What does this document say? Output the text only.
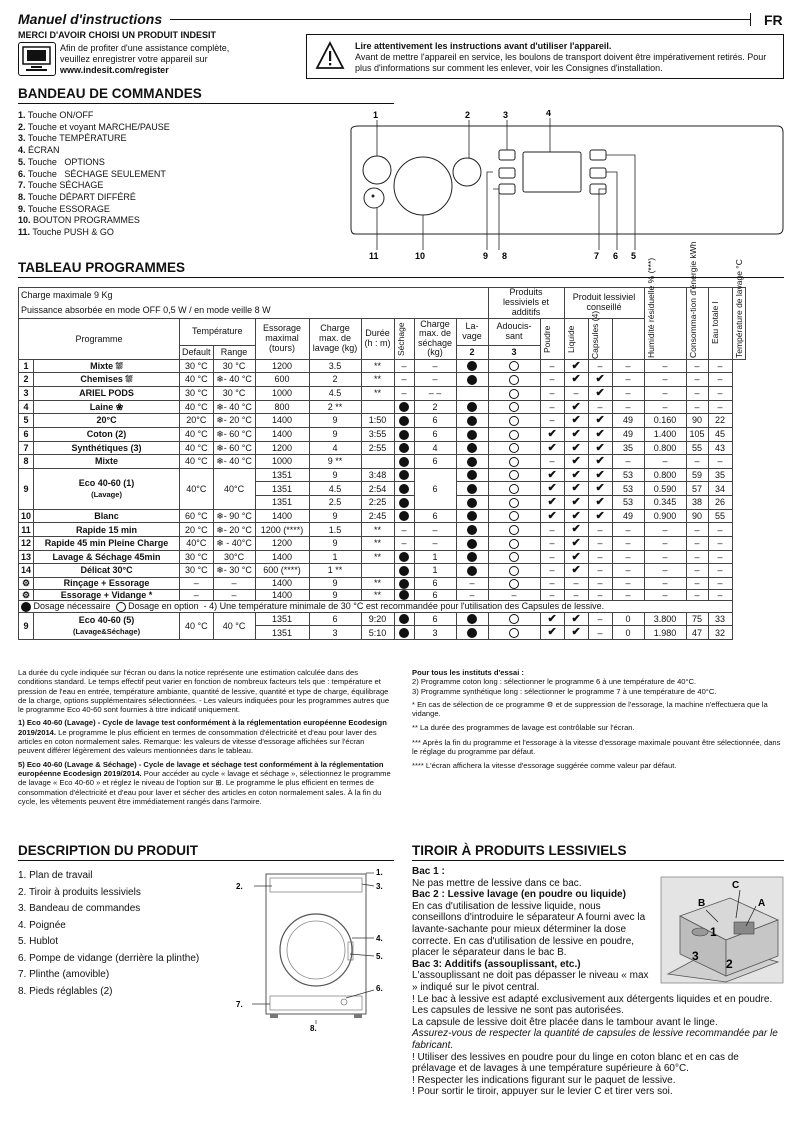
Manuel d'instructions	FR
MERCI D'AVOIR CHOISI UN PRODUIT INDESIT
Afin de profiter d'une assistance complète,
veuillez enregistrer votre appareil sur
www.indesit.com/register
Lire attentivement les instructions avant d'utiliser l'appareil.
Avant de mettre l'appareil en service, les boulons de transport doivent être impérativement retirés. Pour plus d'informations sur comment les enlever, voir les Consignes d'installation.
BANDEAU DE COMMANDES
1. Touche ON/OFF
2. Touche et voyant MARCHE/PAUSE
3. Touche TEMPÉRATURE
4. ÉCRAN
5. Touche   OPTIONS
6. Touche   SÉCHAGE SEULEMENT
7. Touche SÉCHAGE
8. Touche DÉPART DIFFÉRÉ
9. Touche ESSORAGE
10. BOUTON PROGRAMMES
11. Touche PUSH & GO
1	2	3	4
11	10	9 8	7 6 5
TABLEAU PROGRAMMES
Charge maximale 9 Kg										Produits lessiviels et additifs		Produit lessiviel conseillé			Humidité résiduelle % (***)	Consomma-tion d'énergie kWh	Eau totale l	Température de lavage °C

Puissance absorbée en mode OFF 0,5 W / en mode veille 8 W																		
Programme		Température		Essorage maximal (tours)	Charge max. de lavage (kg)	Durée (h : m)	Séchage	Charge max. de séchage (kg)	La-vage	Adoucis-sant	Poudre	Liquide	Capsules (4)					

		Default	Range						2	3								
1	Mixte ⛆	30 °C	30 °C	1200	3.5	**	–	–			–	✔	–	–	–	–	–	
2	Chemises ⛆	40 °C	❄- 40 °C	600	2	**	–	–			–	✔	✔	–	–	–	–	
3	ARIEL PODS	30 °C	30 °C	1000	4.5	**	–	– –			–	–	✔	–	–	–	–	
4	Laine ❀	40 °C	❄- 40 °C	800	2 **			2			–	✔	–	–	–	–	–	
5	20°C	20°C	❄- 20 °C	1400	9	1:50		6			–	✔	✔	49	0.160	90	22	
6	Coton (2)	40 °C	❄- 60 °C	1400	9	3:55		6			✔	✔	✔	49	1.400	105	45	
7	Synthétiques (3)	40 °C	❄- 60 °C	1200	4	2:55		4			✔	✔	✔	35	0.800	55	43	
8	Mixte	40 °C	❄- 40 °C	1000	9 **			6			–	✔	✔	–	–	–	–	
9	Eco 40-60 (1)
(Lavage)	40°C	40°C	1351	9	3:48		6			✔	✔	✔	53	0.800	59	35	
				1351	4.5	2:54					✔	✔	✔	53	0.590	57	34	
				1351	2.5	2:25					✔	✔	✔	53	0.345	38	26	
10	Blanc	60 °C	❄- 90 °C	1400	9	2:45		6			✔	✔	✔	49	0.900	90	55	
11	Rapide 15 min	20 °C	❄- 20 °C	1200 (****)	1.5	**	–	–			–	✔	–	–	–	–	–	
12	Rapide 45 min Pleine Charge	40°C	❄ - 40°C	1200	9	**	–	–			–	✔	–	–	–	–	–	
13	Lavage & Séchage 45min	30 °C	30°C	1400	1	**		1			–	✔	–	–	–	–	–	
14	Délicat 30°C	30 °C	❄- 30 °C	600 (****)	1 **			1			–	✔	–	–	–	–	–	
⚙	Rinçage + Essorage	–	–	1400	9	**		6	–		–	–	–	–	–	–	–	
⚙	Essorage + Vidange *	–	–	1400	9	**		6	–	–	–	–	–	–	–	–	–	
Dosage nécessaire Dosage en option - 4) Une température minimale de 30 °C est recommandée pour l'utilisation des Capsules de lessive.																		
9	Eco 40-60 (5)
(Lavage&Séchage)	40 °C	40 °C	1351	6	9:20		6			✔	✔	–	0	3.800	75	33	
				1351	3	5:10		3			✔	✔	–	0	1.980	47	32	

La durée du cycle indiquée sur l'écran ou dans la notice représente une estimation calculée dans des conditions standard. Le temps effectif peut varier en fonction de nombreux facteurs tels que : température et pression de l'eau en entrée, température ambiante, quantité de lessive, quantité et type de charge, équilibrage de la charge, options supplémentaires sélectionnées. - Les valeurs indiquées pour les programmes autres que le programme Eco 40-60 sont fournies à titre indicatif uniquement.

1) Eco 40-60 (Lavage) - Cycle de lavage test conformément à la réglementation européenne Ecodesign 2019/2014. Le programme le plus efficient en termes de consommation d'électricité et d'eau pour laver des articles en coton normalement sales. Remarque: les valeurs de vitesse d'essorage affichées sur l'écran peuvent différer légèrement des valeurs mentionnées dans le tableau.

5) Eco 40-60 (Lavage & Séchage) - Cycle de lavage et séchage test conformément à la réglementation européenne Ecodesign 2019/2014. Pour accéder au cycle « lavage et séchage », sélectionnez le programme de lavage « Eco 40-60 » et réglez le niveau de l'option sur ⊞. Le programme le plus efficient en termes de consommation d'électricité et d'eau pour laver et sécher des articles en coton normalement sales. À la fin du cycle, les vêtements peuvent être immédiatement rangés dans l'armoire.

Pour tous les instituts d'essai :

2) Programme coton long : sélectionner le programme 6 à une température de 40°C.

3) Programme synthétique long : sélectionner le programme 7 à une température de 40°C.

* En cas de sélection de ce programme ⚙ et de suppression de l'essorage, la machine n'effectuera que la vidange.

** La durée des programmes de lavage est contrôlable sur l'écran.

*** Après la fin du programme et l'essorage à la vitesse d'essorage maximale pouvant être sélectionnée, dans le réglage du programme par défaut.

**** L'écran affichera la vitesse d'essorage suggérée comme valeur par défaut.

DESCRIPTION DU PRODUIT
1. Plan de travail
2. Tiroir à produits lessiviels
3. Bandeau de commandes
4. Poignée
5. Hublot
6. Pompe de vidange (derrière la plinthe)
7. Plinthe (amovible)
8. Pieds réglables (2)
1.
2.	3.
4.
5.
6.
7.
8.
TIROIR À PRODUITS LESSIVIELS
A
B
C
1
2
3
Bac 1 :
Ne pas mettre de lessive dans ce bac.
Bac 2 : Lessive lavage (en poudre ou liquide)

En cas d'utilisation de lessive liquide, nous conseillons d'introduire le séparateur A fourni avec la lavante-sachante pour mieux déterminer la dose correcte. En cas d'utilisation de lessive en poudre, placer le séparateur dans le bac B.
Bac 3: Additifs (assouplissant, etc.)

L'assouplissant ne doit pas dépasser le niveau « max » indiqué sur le pivot central.
! Le bac à lessive est adapté exclusivement aux détergents liquides et en poudre. Les capsules de lessive ne sont pas autorisées.
La capsule de lessive doit être placée dans le tambour avant le linge.
Assurez-vous de respecter la quantité de capsules de lessive recommandée par le fabricant.
! Utiliser des lessives en poudre pour du linge en coton blanc et en cas de prélavage et de lavages à une température supérieure à 60°C.
! Respecter les indications figurant sur le paquet de lessive.
! Pour sortir le tiroir, appuyer sur le levier C et tirer vers soi.
